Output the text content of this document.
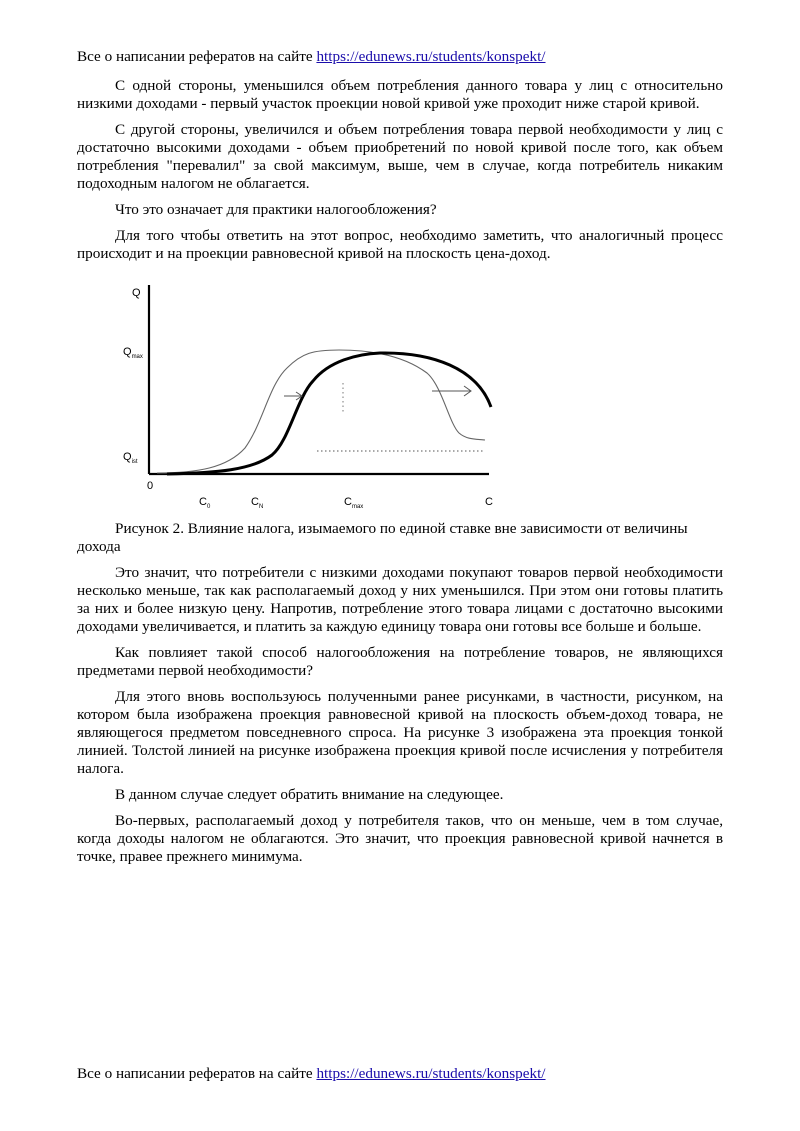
Все о написании рефератов на сайте https://edunews.ru/students/konspekt/

С одной стороны, уменьшился объем потребления данного товара у лиц с относительно низкими доходами - первый участок проекции новой кривой уже проходит ниже старой кривой.

С другой стороны, увеличился и объем потребления товара первой необходимости у лиц с достаточно высокими доходами - объем приобретений по новой кривой после того, как объем потребления "перевалил" за свой максимум, выше, чем в случае, когда потребитель никаким подоходным налогом не облагается.

Что это означает для практики налогообложения?

Для того чтобы ответить на этот вопрос, необходимо заметить, что аналогичный процесс происходит и на проекции равновесной кривой на плоскость цена-доход.

Q
$Q_{max}$
$Q_{ist}$
0
$C_0$	$C_N$	$C_{max}$	C

Рисунок 2. Влияние налога, изымаемого по единой ставке вне зависимости от величины дохода

Это значит, что потребители с низкими доходами покупают товаров первой необходимости несколько меньше, так как располагаемый доход у них уменьшился. При этом они готовы платить за них и более низкую цену. Напротив, потребление этого товара лицами с достаточно высокими доходами увеличивается, и платить за каждую единицу товара они готовы все больше и больше.

Как повлияет такой способ налогообложения на потребление товаров, не являющихся предметами первой необходимости?

Для этого вновь воспользуюсь полученными ранее рисунками, в частности, рисунком, на котором была изображена проекция равновесной кривой на плоскость объем-доход товара, не являющегося предметом повседневного спроса. На рисунке 3 изображена эта проекция тонкой линией. Толстой линией на рисунке изображена проекция кривой после исчисления у потребителя налога.

В данном случае следует обратить внимание на следующее.

Во-первых, располагаемый доход у потребителя таков, что он меньше, чем в том случае, когда доходы налогом не облагаются. Это значит, что проекция равновесной кривой начнется в точке, правее прежнего минимума.

Все о написании рефератов на сайте https://edunews.ru/students/konspekt/
